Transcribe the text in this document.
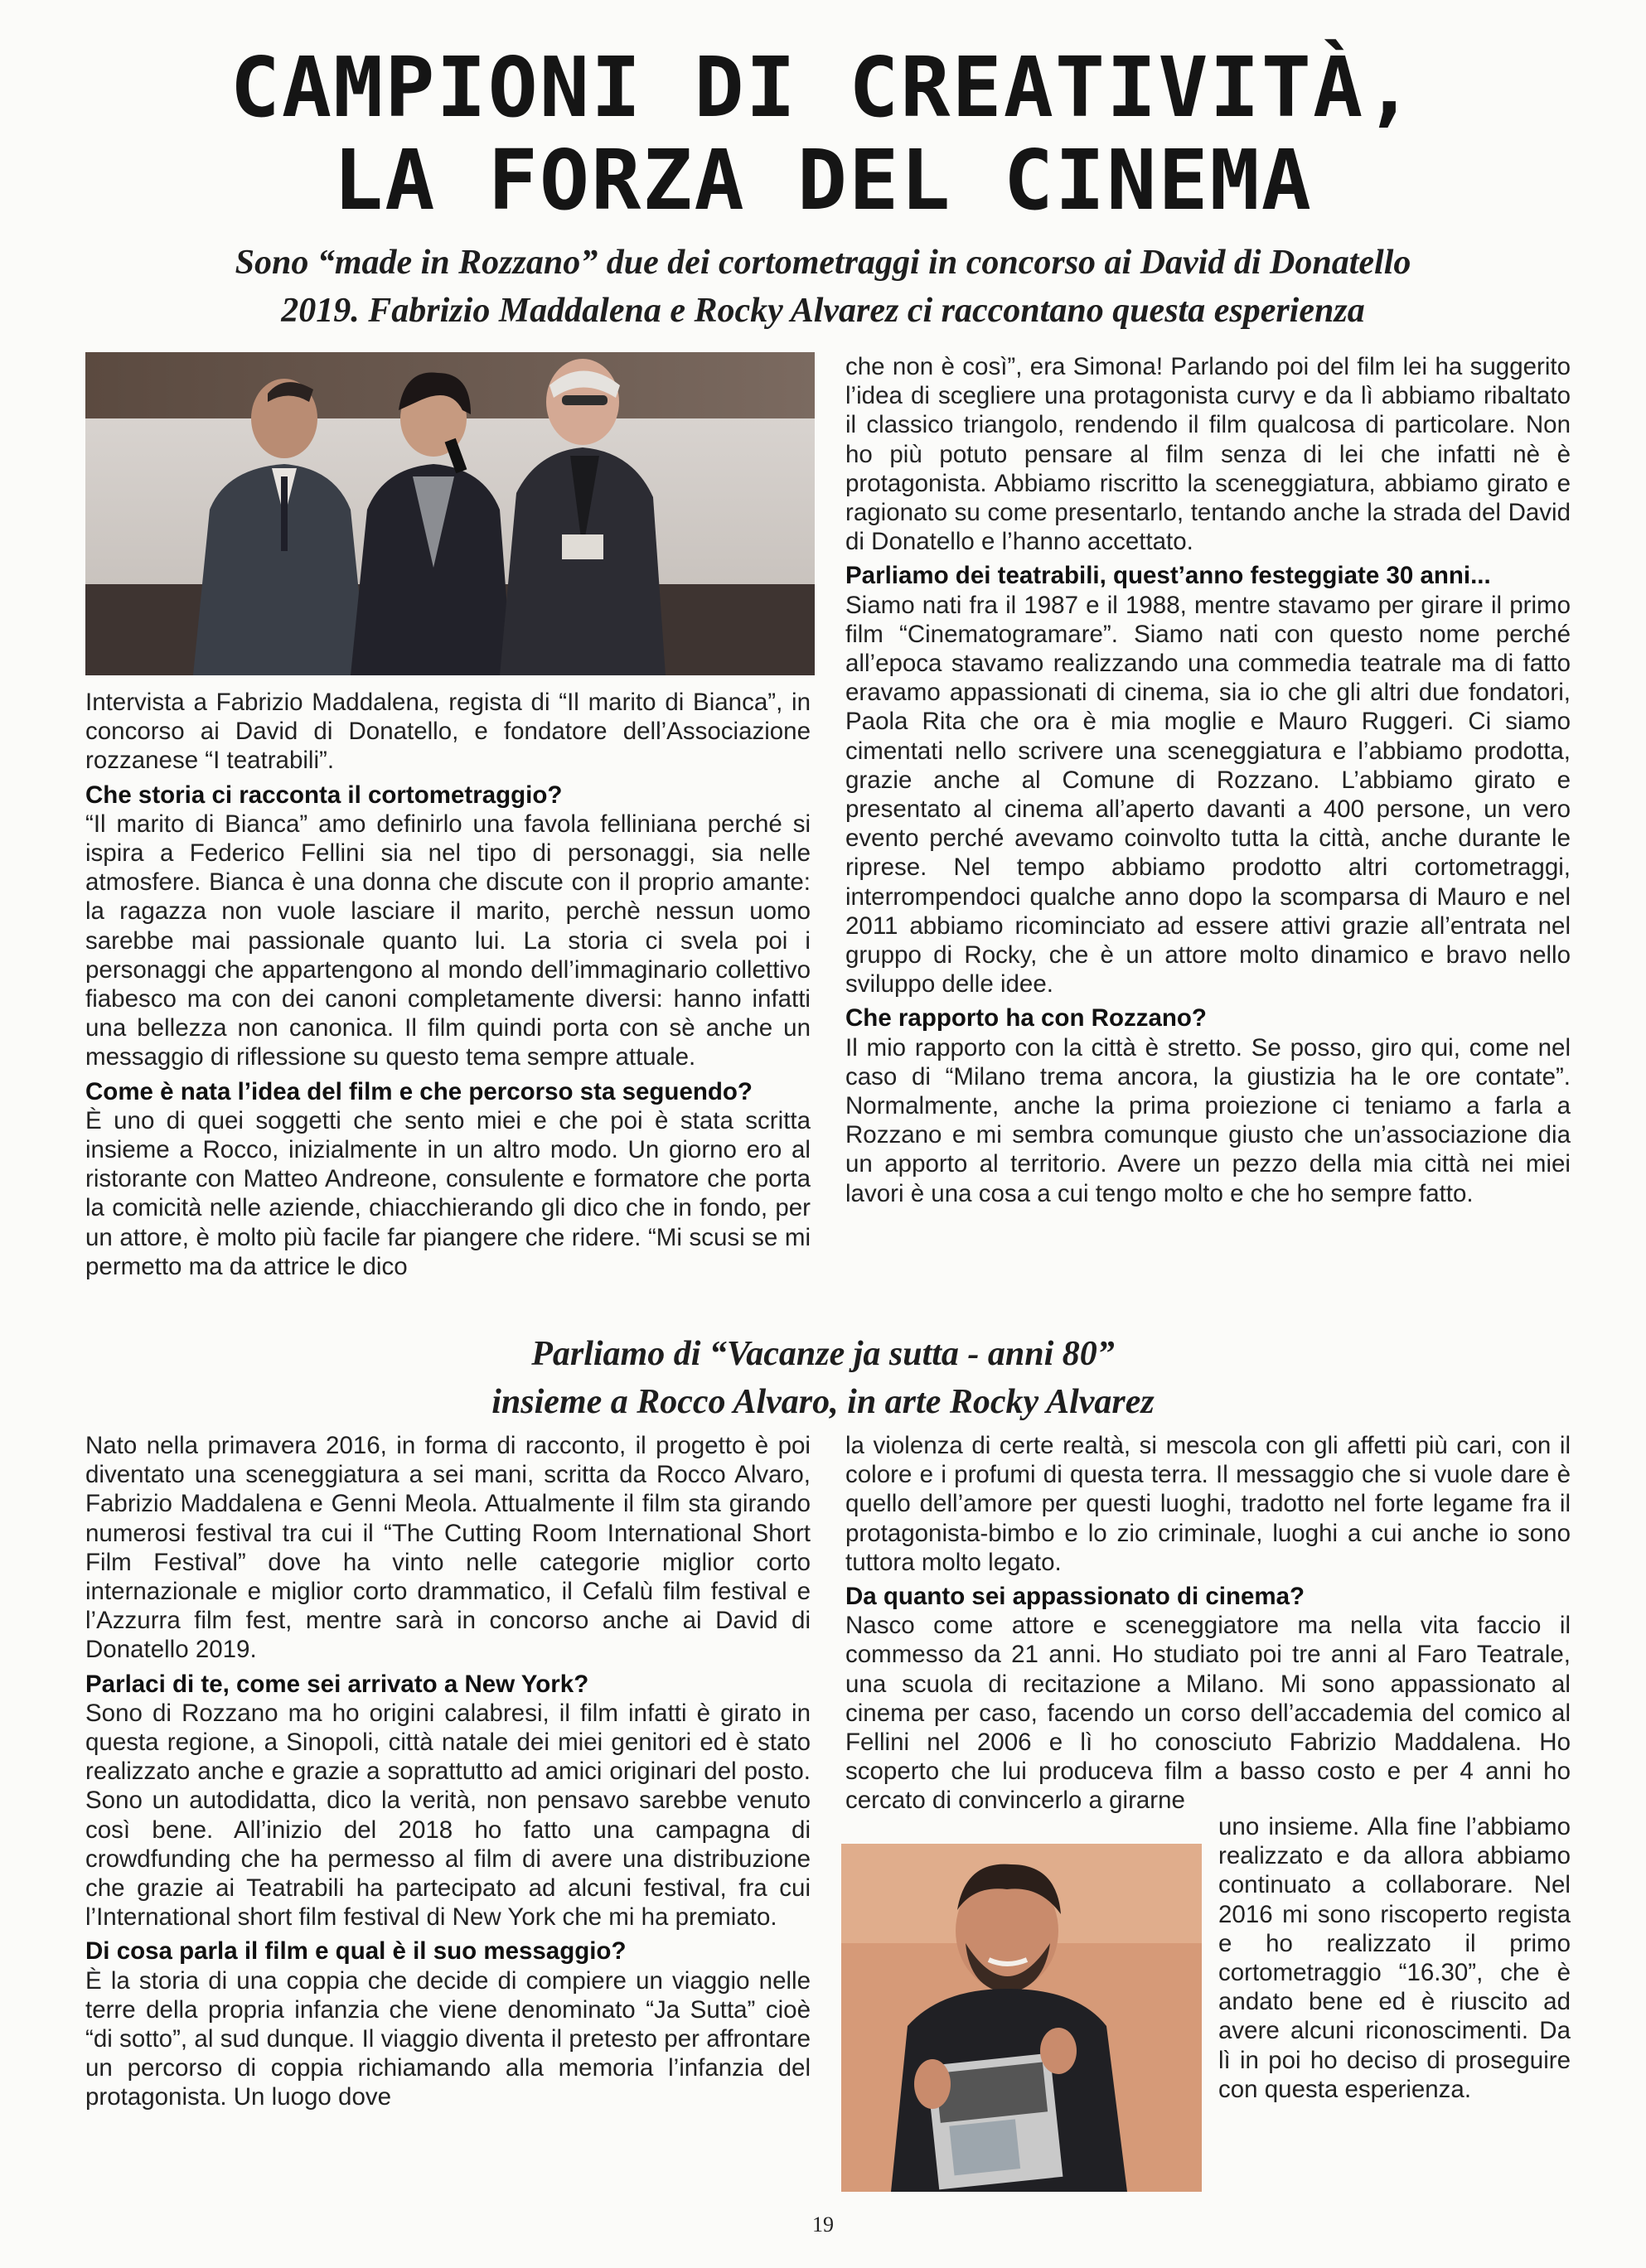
CAMPIONI DI CREATIVITÀ,
LA FORZA DEL CINEMA
Sono “made in Rozzano” due dei cortometraggi in concorso ai David di Donatello
2019. Fabrizio Maddalena e Rocky Alvarez ci raccontano questa esperienza

Intervista a Fabrizio Maddalena, regista di “Il marito di Bianca”, in concorso ai David di Donatello, e fondatore dell’Associazione rozzanese “I teatrabili”.

Che storia ci racconta il cortometraggio?

“Il marito di Bianca” amo definirlo una favola felliniana perché si ispira a Federico Fellini sia nel tipo di personaggi, sia nelle atmosfere. Bianca è una donna che discute con il proprio amante: la ragazza non vuole lasciare il marito, perchè nessun uomo sarebbe mai passionale quanto lui. La storia ci svela poi i personaggi che appartengono al mondo dell’immaginario collettivo fiabesco ma con dei canoni completamente diversi: hanno infatti una bellezza non canonica. Il film quindi porta con sè anche un messaggio di riflessione su questo tema sempre attuale.

Come è nata l’idea del film e che percorso sta seguendo?

È uno di quei soggetti che sento miei e che poi è stata scritta insieme a Rocco, inizialmente in un altro modo. Un giorno ero al ristorante con Matteo Andreone, consulente e formatore che porta la comicità nelle aziende, chiacchierando gli dico che in fondo, per un attore, è molto più facile far piangere che ridere. “Mi scusi se mi permetto ma da attrice le dico

che non è così”, era Simona! Parlando poi del film lei ha suggerito l’idea di scegliere una protagonista curvy e da lì abbiamo ribaltato il classico triangolo, rendendo il film qualcosa di particolare. Non ho più potuto pensare al film senza di lei che infatti nè è protagonista. Abbiamo riscritto la sceneggiatura, abbiamo girato e ragionato su come presentarlo, tentando anche la strada del David di Donatello e l’hanno accettato.

Parliamo dei teatrabili, quest’anno festeggiate 30 anni...

Siamo nati fra il 1987 e il 1988, mentre stavamo per girare il primo film “Cinematogramare”. Siamo nati con questo nome perché all’epoca stavamo realizzando una commedia teatrale ma di fatto eravamo appassionati di cinema, sia io che gli altri due fondatori, Paola Rita che ora è mia moglie e Mauro Ruggeri. Ci siamo cimentati nello scrivere una sceneggiatura e l’abbiamo prodotta, grazie anche al Comune di Rozzano. L’abbiamo girato e presentato al cinema all’aperto davanti a 400 persone, un vero evento perché avevamo coinvolto tutta la città, anche durante le riprese. Nel tempo abbiamo prodotto altri cortometraggi, interrompendoci qualche anno dopo la scomparsa di Mauro e nel 2011 abbiamo ricominciato ad essere attivi grazie all’entrata nel gruppo di Rocky, che è un attore molto dinamico e bravo nello sviluppo delle idee.

Che rapporto ha con Rozzano?

Il mio rapporto con la città è stretto. Se posso, giro qui, come nel caso di “Milano trema ancora, la giustizia ha le ore contate”. Normalmente, anche la prima proiezione ci teniamo a farla a Rozzano e mi sembra comunque giusto che un’associazione dia un apporto al territorio. Avere un pezzo della mia città nei miei lavori è una cosa a cui tengo molto e che ho sempre fatto.

Parliamo di “Vacanze ja sutta - anni 80”
insieme a Rocco Alvaro, in arte Rocky Alvarez

Nato nella primavera 2016, in forma di racconto, il progetto è poi diventato una sceneggiatura a sei mani, scritta da Rocco Alvaro, Fabrizio Maddalena e Genni Meola. Attualmente il film sta girando numerosi festival tra cui il “The Cutting Room International Short Film Festival” dove ha vinto nelle categorie miglior corto internazionale e miglior corto drammatico, il Cefalù film festival e l’Azzurra film fest, mentre sarà in concorso anche ai David di Donatello 2019.

Parlaci di te, come sei arrivato a New York?

Sono di Rozzano ma ho origini calabresi, il film infatti è girato in questa regione, a Sinopoli, città natale dei miei genitori ed è stato realizzato anche e grazie a soprattutto ad amici originari del posto. Sono un autodidatta, dico la verità, non pensavo sarebbe venuto così bene. All’inizio del 2018 ho fatto una campagna di crowdfunding che ha permesso al film di avere una distribuzione che grazie ai Teatrabili ha partecipato ad alcuni festival, fra cui l’International short film festival di New York che mi ha premiato.

Di cosa parla il film e qual è il suo messaggio?

È la storia di una coppia che decide di compiere un viaggio nelle terre della propria infanzia che viene denominato “Ja Sutta” cioè “di sotto”, al sud dunque. Il viaggio diventa il pretesto per affrontare un percorso di coppia richiamando alla memoria l’infanzia del protagonista. Un luogo dove

la violenza di certe realtà, si mescola con gli affetti più cari, con il colore e i profumi di questa terra. Il messaggio che si vuole dare è quello dell’amore per questi luoghi, tradotto nel forte legame fra il protagonista-bimbo e lo zio criminale, luoghi a cui anche io sono tuttora molto legato.

Da quanto sei appassionato di cinema?

Nasco come attore e sceneggiatore ma nella vita faccio il commesso da 21 anni. Ho studiato poi tre anni al Faro Teatrale, una scuola di recitazione a Milano. Mi sono appassionato al cinema per caso, facendo un corso dell’accademia del comico al Fellini nel 2006 e lì ho conosciuto Fabrizio Maddalena. Ho scoperto che lui produceva film a basso costo e per 4 anni ho cercato di convincerlo a girarne

uno insieme. Alla fine l’abbiamo realizzato e da allora abbiamo continuato a collaborare. Nel 2016 mi sono riscoperto regista e ho realizzato il primo cortometraggio “16.30”, che è andato bene ed è riuscito ad avere alcuni riconoscimenti. Da lì in poi ho deciso di proseguire con questa esperienza.

19
